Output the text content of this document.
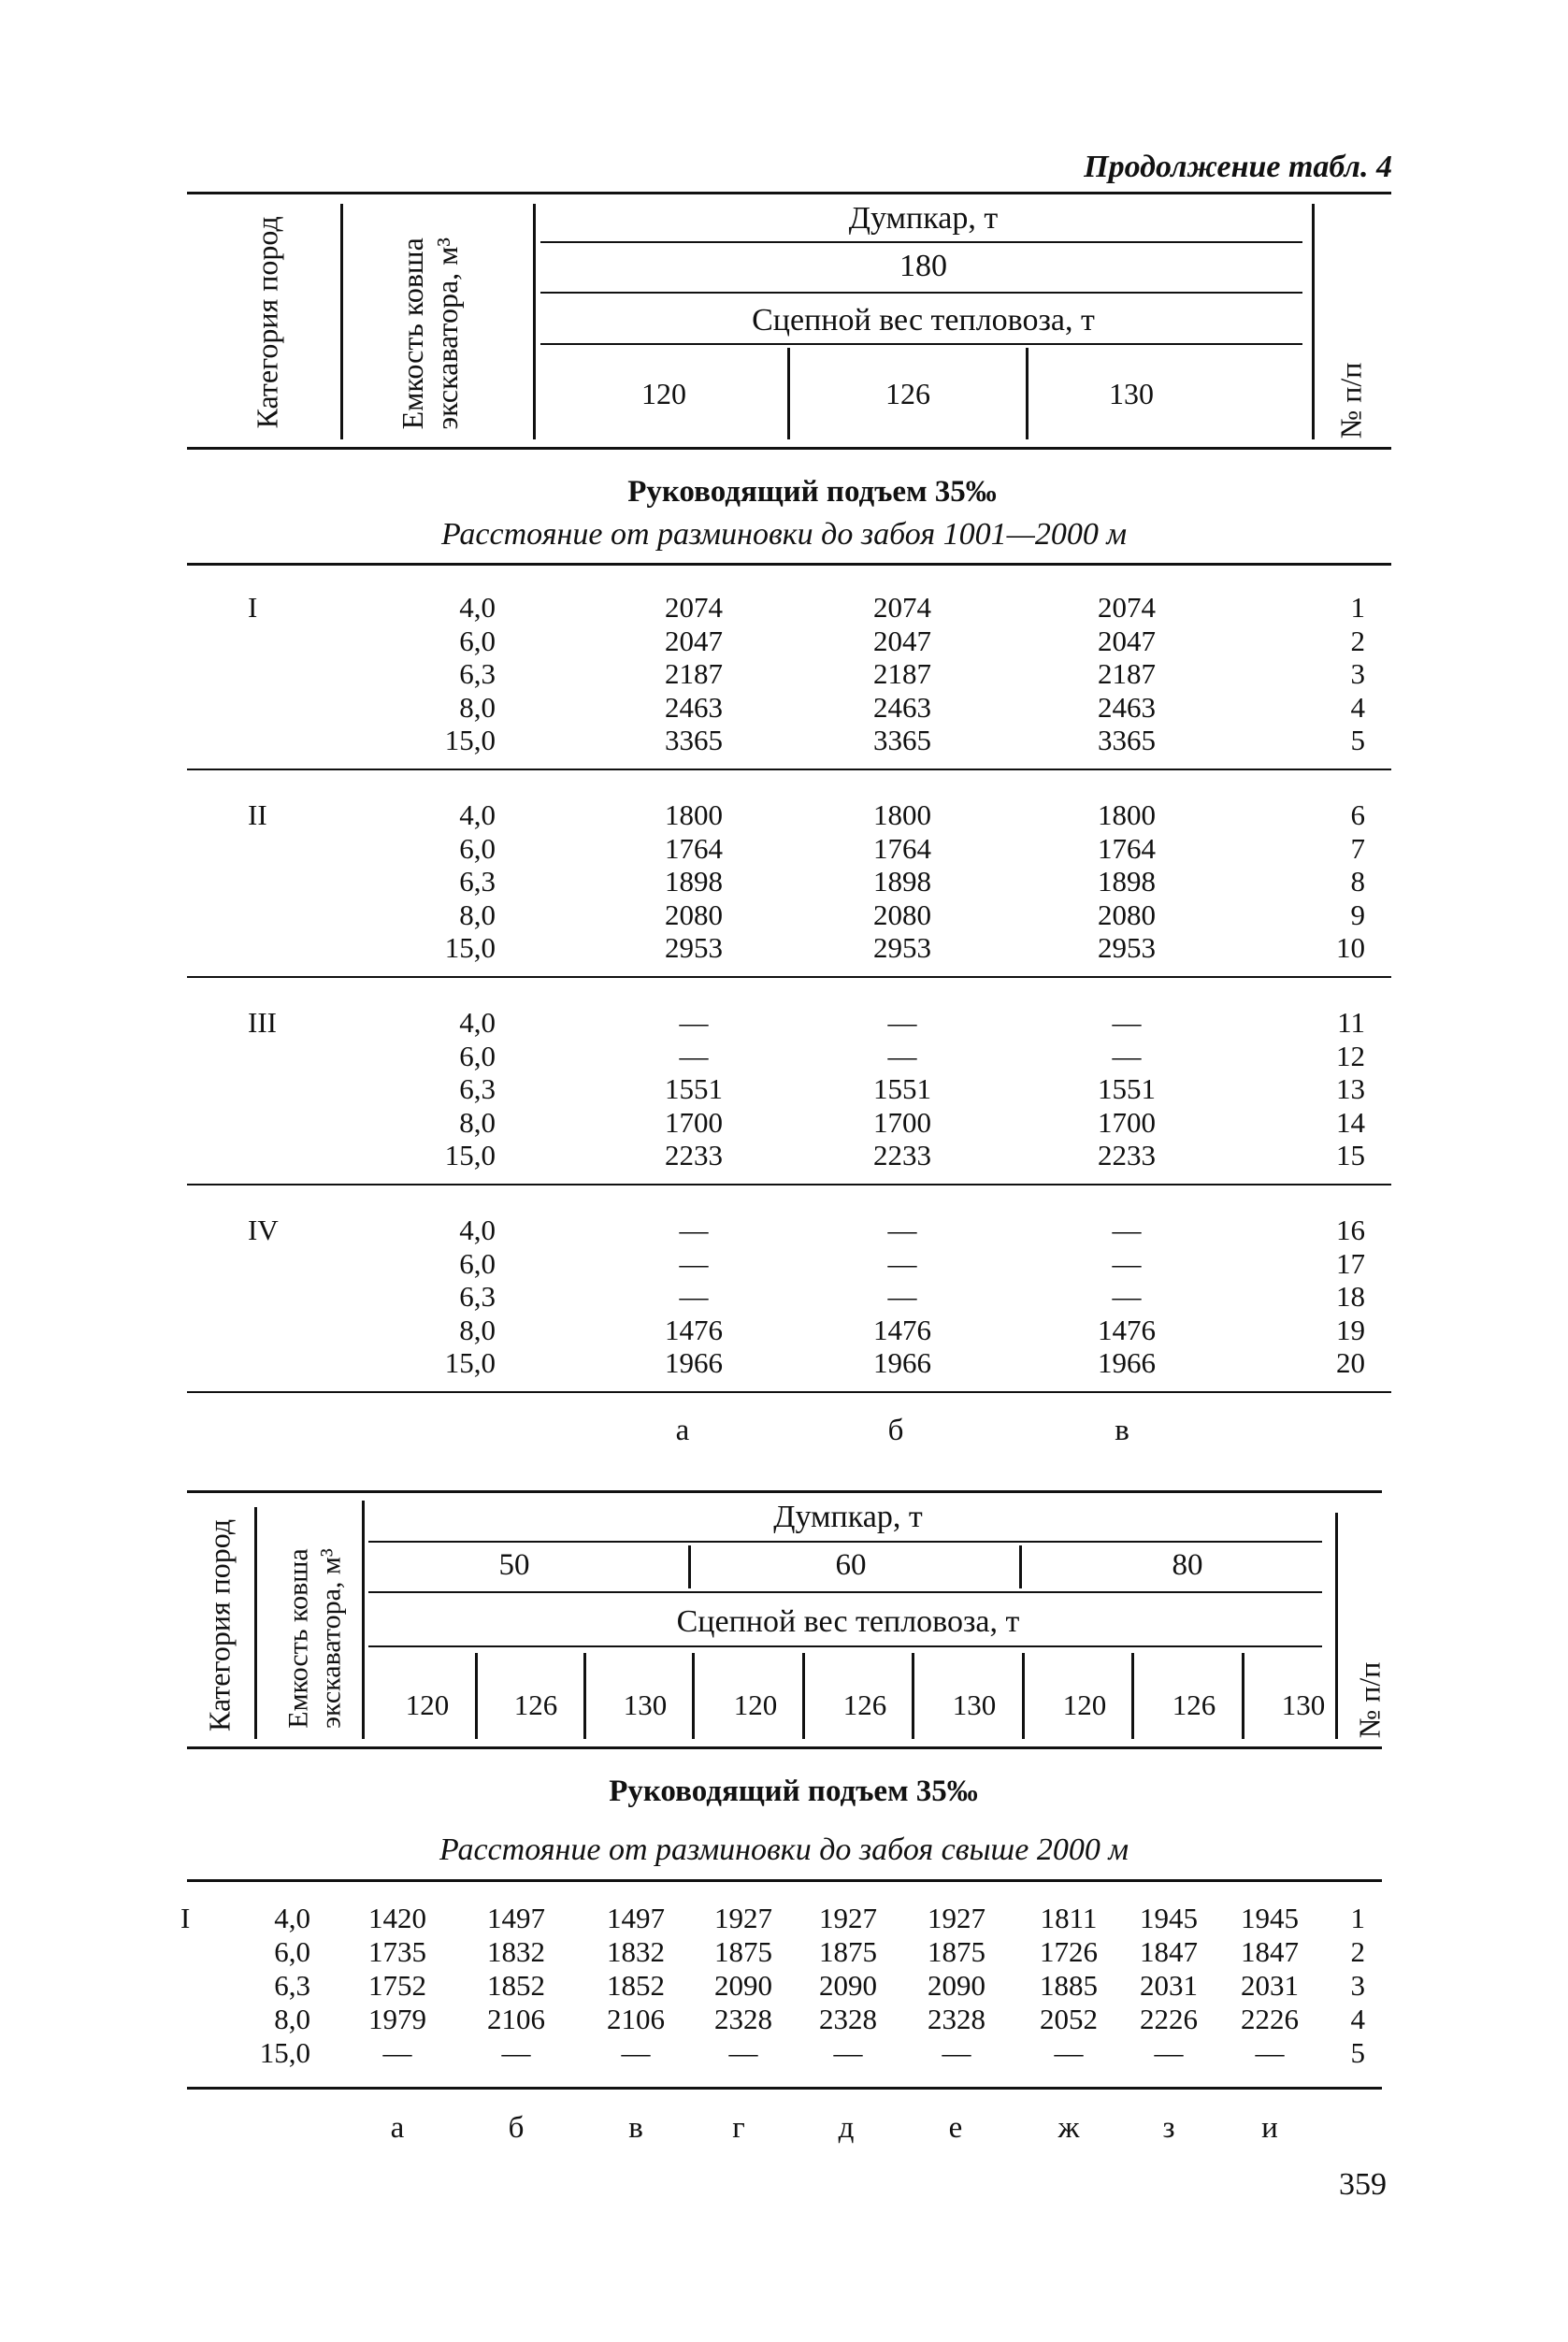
Продолжение табл. 4
Категория пород	Емкость ковша экскаватора, м³	№ п/п
Думпкар, т
180
Сцепной вес тепловоза, т
120	126	130
Руководящий подъем 35‰
Расстояние от разминовки до забоя 1001—2000 м
I	4,0	2074	2074	2074	1
6,0	2047	2047	2047	2
6,3	2187	2187	2187	3
8,0	2463	2463	2463	4
15,0	3365	3365	3365	5
II	4,0	1800	1800	1800	6
6,0	1764	1764	1764	7
6,3	1898	1898	1898	8
8,0	2080	2080	2080	9
15,0	2953	2953	2953	10
III	4,0	—	—	—	11
6,0	—	—	—	12
6,3	1551	1551	1551	13
8,0	1700	1700	1700	14
15,0	2233	2233	2233	15
IV	4,0	—	—	—	16
6,0	—	—	—	17
6,3	—	—	—	18
8,0	1476	1476	1476	19
15,0	1966	1966	1966	20
а	б	в
Категория пород Емкость ковша экскаватора, м³	№ п/п
Думпкар, т
50	60	80
Сцепной вес тепловоза, т
120	126	130	120	126	130	120	126	130
Руководящий подъем 35‰
Расстояние от разминовки до забоя свыше 2000 м
I	4,0	1420	1497	1497	1927	1927	1927	1811	1945	1945	1
6,0	1735	1832	1832	1875	1875	1875	1726	1847	1847	2
6,3	1752	1852	1852	2090	2090	2090	1885	2031	2031	3
8,0	1979	2106	2106	2328	2328	2328	2052	2226	2226	4
15,0	—	—	—	—	—	—	—	—	—	5
а	б	в	г	д	е	ж	з	и
359
